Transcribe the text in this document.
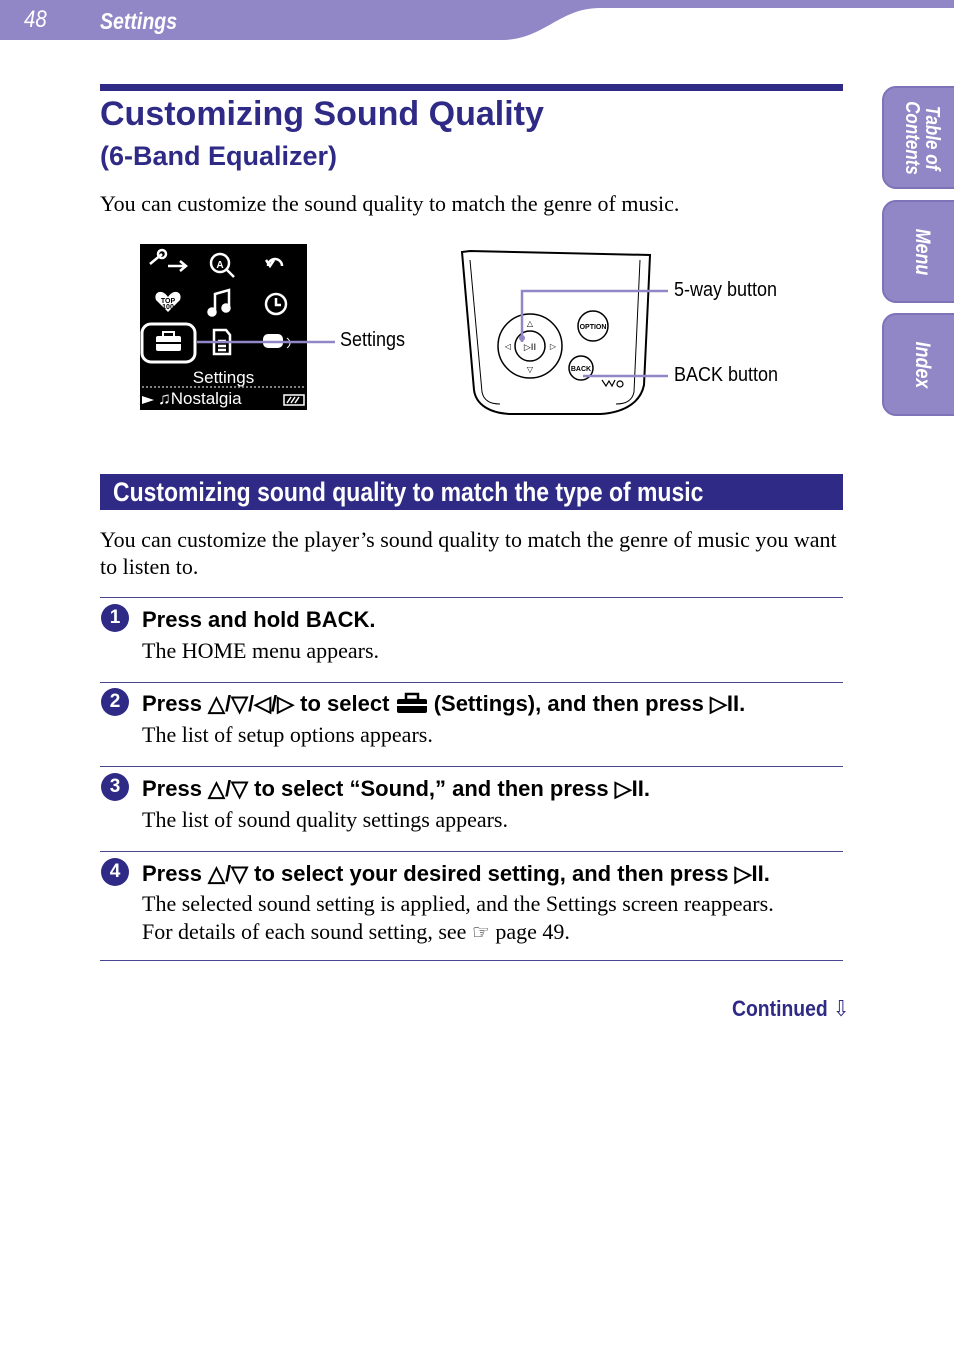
48 Settings
Table of Contents
Menu
Index
Customizing Sound Quality
(6-Band Equalizer)
You can customize the sound quality to match the genre of music.
TOP
100
A
Settings
♫Nostalgia
▷II
△
▽
◁	▷
OPTION
BACK
Settings
5-way button
BACK button
Customizing sound quality to match the type of music
You can customize the player’s sound quality to match the genre of music you want to listen to.
1 Press and hold BACK.
The HOME menu appears.
2 Press △/▽/◁/▷ to select (Settings), and then press ▷II.
The list of setup options appears.
3 Press △/▽ to select “Sound,” and then press ▷II.
The list of sound quality settings appears.
4 Press △/▽ to select your desired setting, and then press ▷II.
The selected sound setting is applied, and the Settings screen reappears.
For details of each sound setting, see ☞ page 49.
Continued ⇩
